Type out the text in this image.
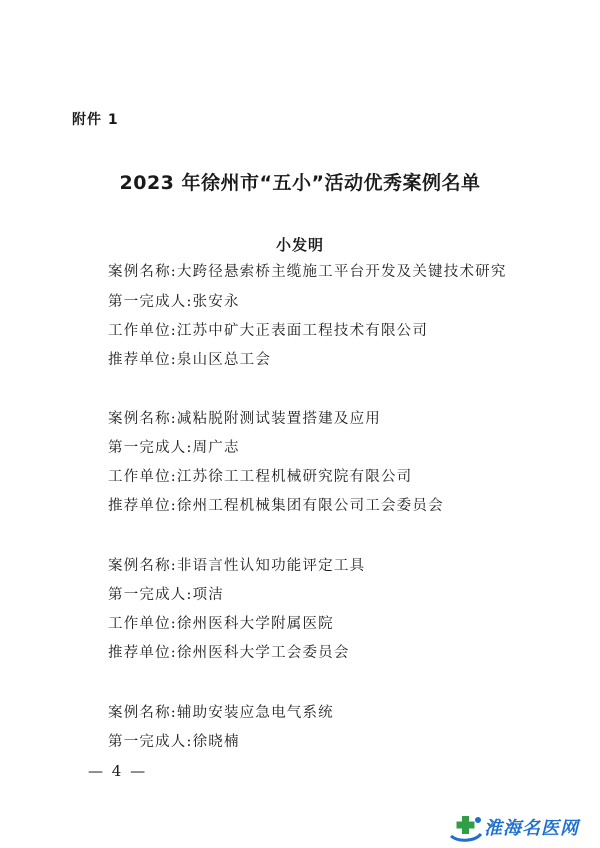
附件 1
2023 年徐州市“五小”活动优秀案例名单
小发明
案例名称:大跨径悬索桥主缆施工平台开发及关键技术研究
第一完成人:张安永
工作单位:江苏中矿大正表面工程技术有限公司
推荐单位:泉山区总工会
案例名称:减粘脱附测试装置搭建及应用
第一完成人:周广志
工作单位:江苏徐工工程机械研究院有限公司
推荐单位:徐州工程机械集团有限公司工会委员会
案例名称:非语言性认知功能评定工具
第一完成人:项洁
工作单位:徐州医科大学附属医院
推荐单位:徐州医科大学工会委员会
案例名称:辅助安装应急电气系统
第一完成人:徐晓楠
— 4 —
淮海名医网
